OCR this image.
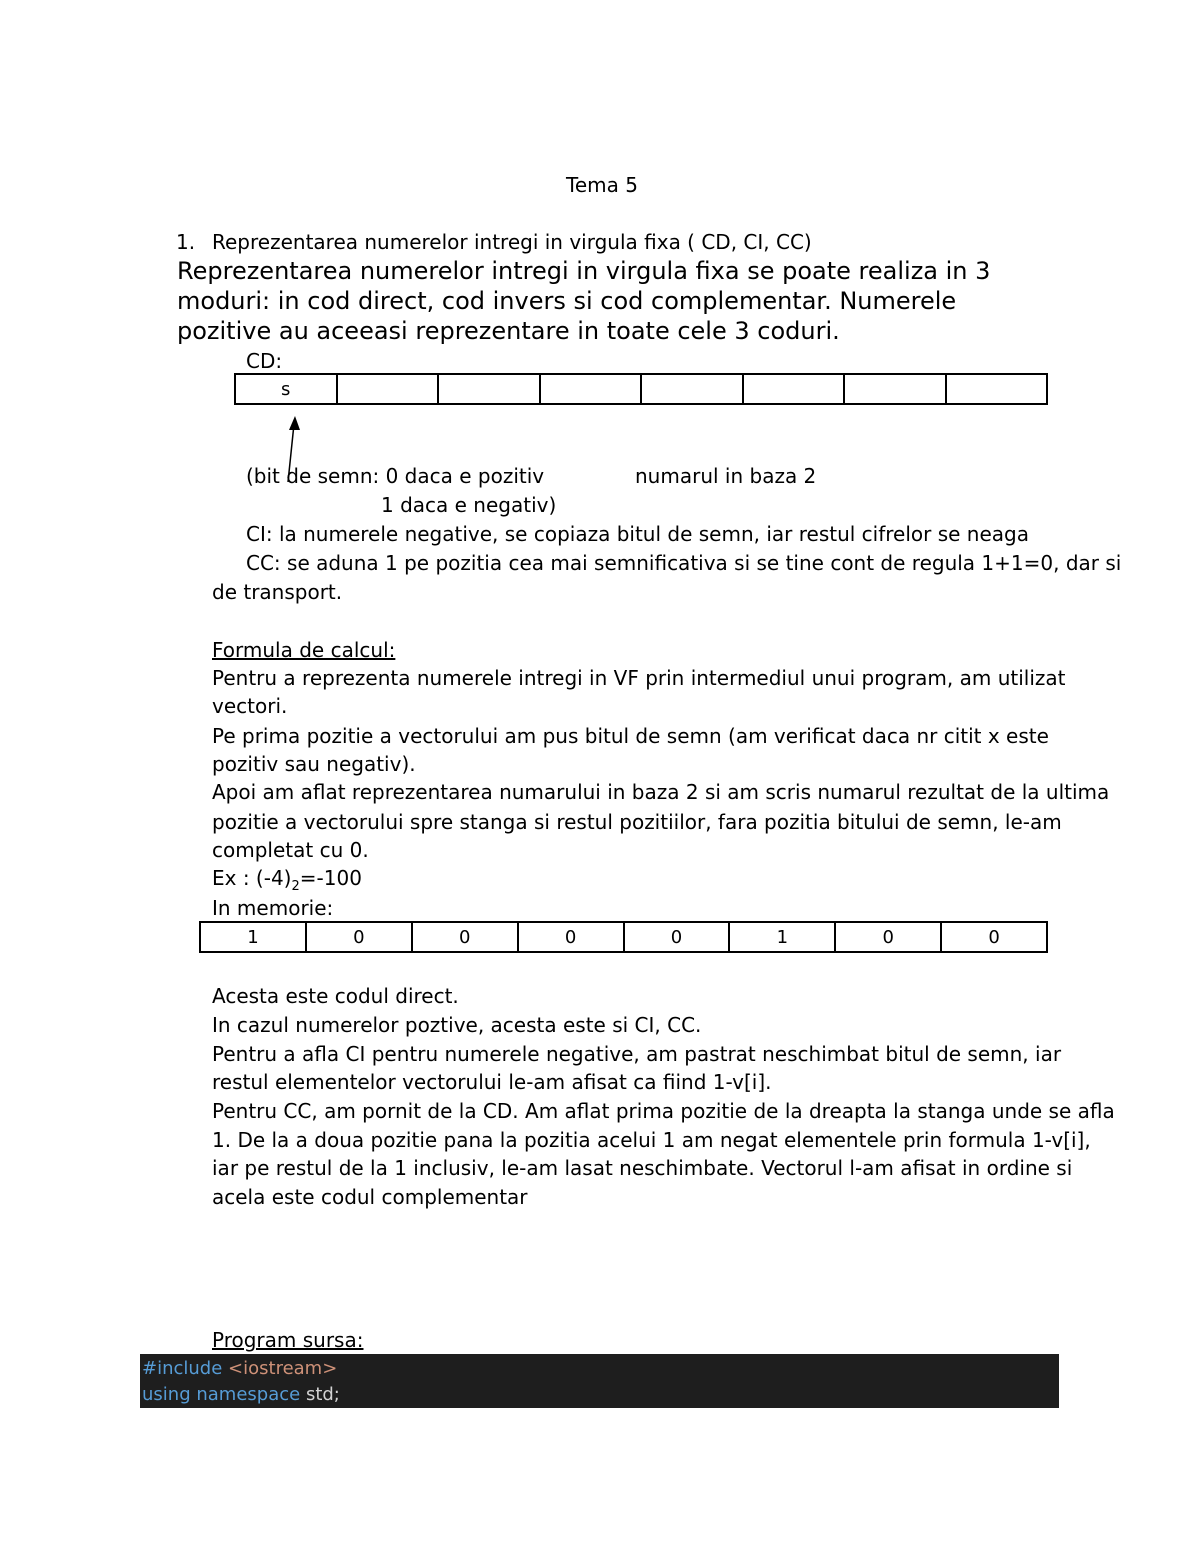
Tema 5
1. Reprezentarea numerelor intregi in virgula fixa ( CD, CI, CC)
Reprezentarea numerelor intregi in virgula fixa se poate realiza in 3
moduri: in cod direct, cod invers si cod complementar. Numerele
pozitive au aceeasi reprezentare in toate cele 3 coduri.
CD:
s							
(bit de semn: 0 daca e pozitiv	numarul in baza 2
1 daca e negativ)
CI: la numerele negative, se copiaza bitul de semn, iar restul cifrelor se neaga
CC: se aduna 1 pe pozitia cea mai semnificativa si se tine cont de regula 1+1=0, dar si
de transport.
Formula de calcul:
Pentru a reprezenta numerele intregi in VF prin intermediul unui program, am utilizat
vectori.
Pe prima pozitie a vectorului am pus bitul de semn (am verificat daca nr citit x este
pozitiv sau negativ).
Apoi am aflat reprezentarea numarului in baza 2 si am scris numarul rezultat de la ultima
pozitie a vectorului spre stanga si restul pozitiilor, fara pozitia bitului de semn, le-am
completat cu 0.
Ex : $(-4)_2=-100$
In memorie:
1	0	0	0	0	1	0	0
Acesta este codul direct.
In cazul numerelor poztive, acesta este si CI, CC.
Pentru a afla CI pentru numerele negative, am pastrat neschimbat bitul de semn, iar
restul elementelor vectorului le-am afisat ca fiind 1-v[i].
Pentru CC, am pornit de la CD. Am aflat prima pozitie de la dreapta la stanga unde se afla
1. De la a doua pozitie pana la pozitia acelui 1 am negat elementele prin formula 1-v[i],
iar pe restul de la 1 inclusiv, le-am lasat neschimbate. Vectorul l-am afisat in ordine si
acela este codul complementar
Program sursa:
#include <iostream>
using namespace std;
